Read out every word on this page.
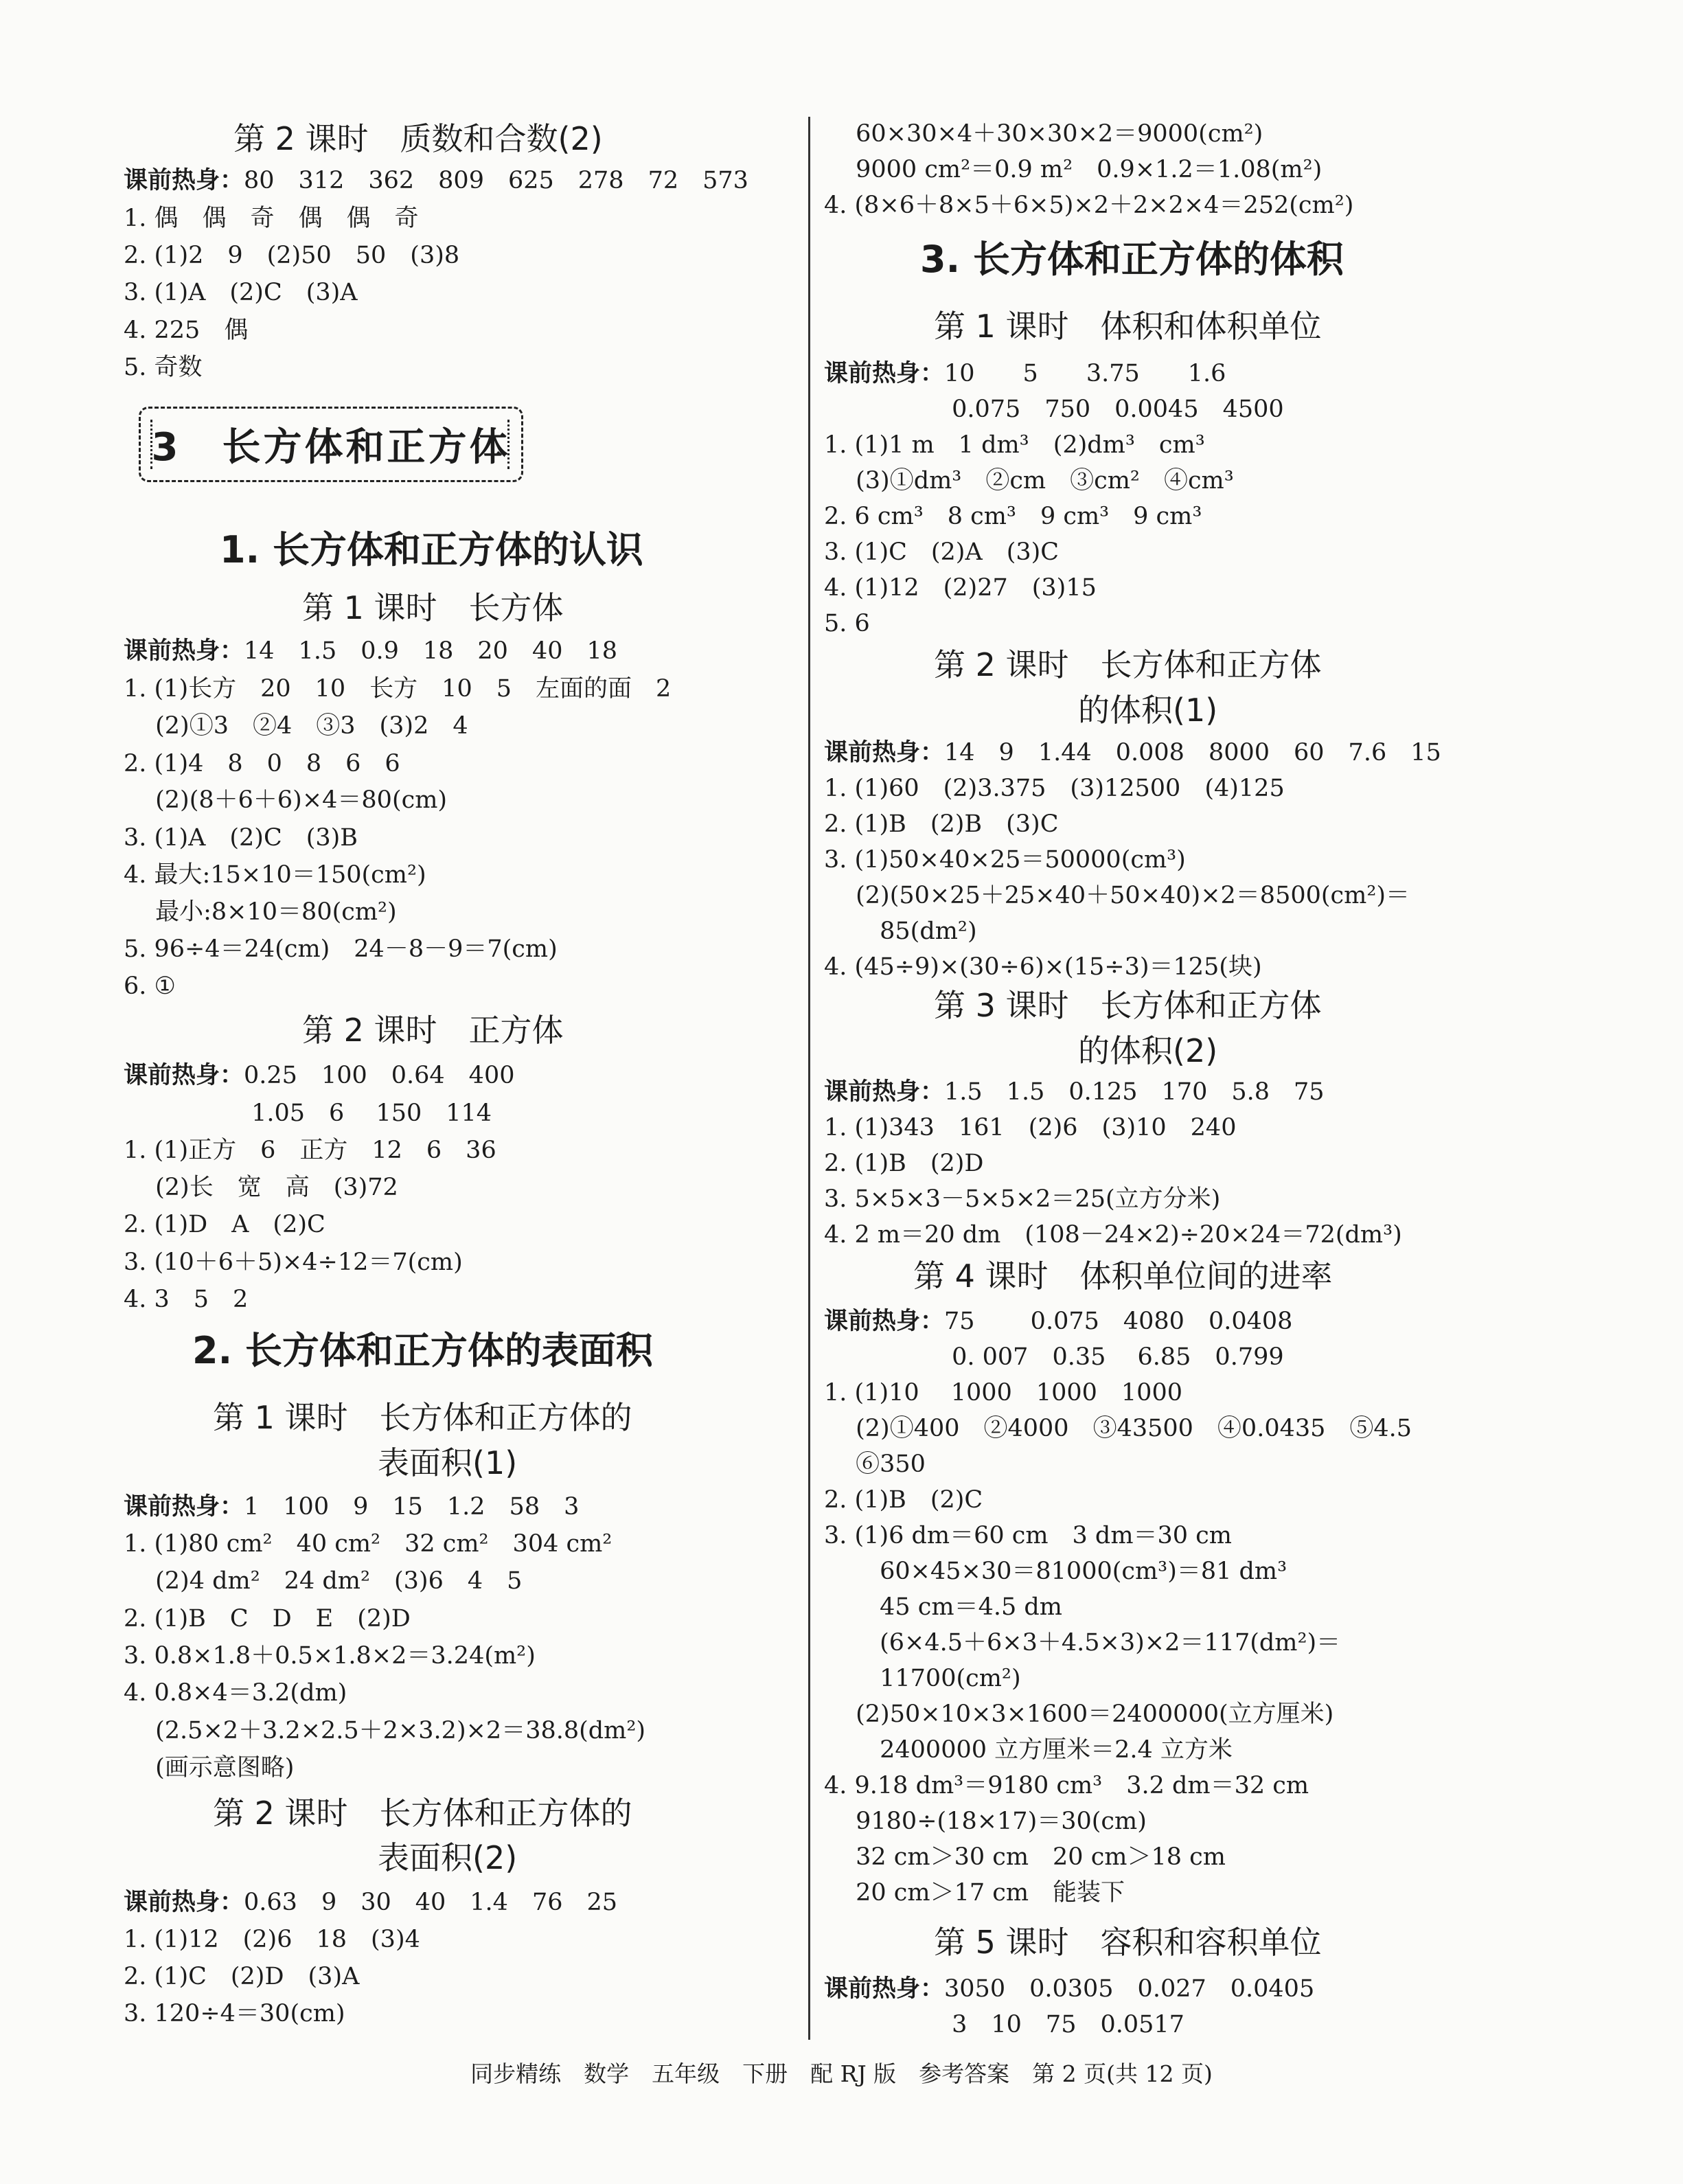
第 2 课时　质数和合数(2)
课前热身：80　312　362　809　625　278　72　573
1. 偶　偶　奇　偶　偶　奇
2. (1)2　9　(2)50　50　(3)8
3. (1)A　(2)C　(3)A
4. 225　偶
5. 奇数
1. 长方体和正方体的认识
第 1 课时　长方体
课前热身：14　1.5　0.9　18　20　40　18
1. (1)长方　20　10　长方　10　5　左面的面　2
　 (2)①3　②4　③3　(3)2　4
2. (1)4　8　0　8　6　6
　 (2)(8＋6＋6)×4＝80(cm)
3. (1)A　(2)C　(3)B
4. 最大:15×10＝150(cm²)
　 最小:8×10＝80(cm²)
5. 96÷4＝24(cm)　24－8－9＝7(cm)
6. ①
第 2 课时　正方体
课前热身：0.25　100　0.64　400
　　　　　 1.05　6　 150　114
1. (1)正方　6　正方　12　6　36
　 (2)长　宽　高　(3)72
2. (1)D　A　(2)C
3. (10＋6＋5)×4÷12＝7(cm)
4. 3　5　2
2. 长方体和正方体的表面积
第 1 课时　长方体和正方体的
表面积(1)
课前热身：1　100　9　15　1.2　58　3
1. (1)80 cm²　40 cm²　32 cm²　304 cm²
　 (2)4 dm²　24 dm²　(3)6　4　5
2. (1)B　C　D　E　(2)D
3. 0.8×1.8＋0.5×1.8×2＝3.24(m²)
4. 0.8×4＝3.2(dm)
　 (2.5×2＋3.2×2.5＋2×3.2)×2＝38.8(dm²)
　 (画示意图略)
第 2 课时　长方体和正方体的
表面积(2)
课前热身：0.63　9　30　40　1.4　76　25
1. (1)12　(2)6　18　(3)4
2. (1)C　(2)D　(3)A
3. 120÷4＝30(cm)
　 60×30×4＋30×30×2＝9000(cm²)
　 9000 cm²＝0.9 m²　0.9×1.2＝1.08(m²)
4. (8×6＋8×5＋6×5)×2＋2×2×4＝252(cm²)
3. 长方体和正方体的体积
第 1 课时　体积和体积单位
课前热身：10　　5　　3.75　　1.6
　　　　　 0.075　750　0.0045　4500
1. (1)1 m　1 dm³　(2)dm³　cm³
　 (3)①dm³　②cm　③cm²　④cm³
2. 6 cm³　8 cm³　9 cm³　9 cm³
3. (1)C　(2)A　(3)C
4. (1)12　(2)27　(3)15
5. 6
第 2 课时　长方体和正方体
的体积(1)
课前热身：14　9　1.44　0.008　8000　60　7.6　15
1. (1)60　(2)3.375　(3)12500　(4)125
2. (1)B　(2)B　(3)C
3. (1)50×40×25＝50000(cm³)
　 (2)(50×25＋25×40＋50×40)×2＝8500(cm²)＝
　　 85(dm²)
4. (45÷9)×(30÷6)×(15÷3)＝125(块)
第 3 课时　长方体和正方体
的体积(2)
课前热身：1.5　1.5　0.125　170　5.8　75
1. (1)343　161　(2)6　(3)10　240
2. (1)B　(2)D
3. 5×5×3－5×5×2＝25(立方分米)
4. 2 m＝20 dm　(108－24×2)÷20×24＝72(dm³)
第 4 课时　体积单位间的进率
课前热身：75　　 0.075　4080　0.0408
　　　　　 0. 007　0.35　 6.85　0.799
1. (1)10　 1000　1000　1000
　 (2)①400　②4000　③43500　④0.0435　⑤4.5
　 ⑥350
2. (1)B　(2)C
3. (1)6 dm＝60 cm　3 dm＝30 cm
　　 60×45×30＝81000(cm³)＝81 dm³
　　 45 cm＝4.5 dm
　　 (6×4.5＋6×3＋4.5×3)×2＝117(dm²)＝
　　 11700(cm²)
　 (2)50×10×3×1600＝2400000(立方厘米)
　　 2400000 立方厘米＝2.4 立方米
4. 9.18 dm³＝9180 cm³　3.2 dm＝32 cm
　 9180÷(18×17)＝30(cm)
　 32 cm＞30 cm　20 cm＞18 cm
　 20 cm＞17 cm　能装下
第 5 课时　容积和容积单位
课前热身：3050　0.0305　0.027　0.0405
　　　　　 3　10　75　0.0517
3　长方体和正方体
同步精练　数学　五年级　下册　配 RJ 版　参考答案　第 2 页(共 12 页)
